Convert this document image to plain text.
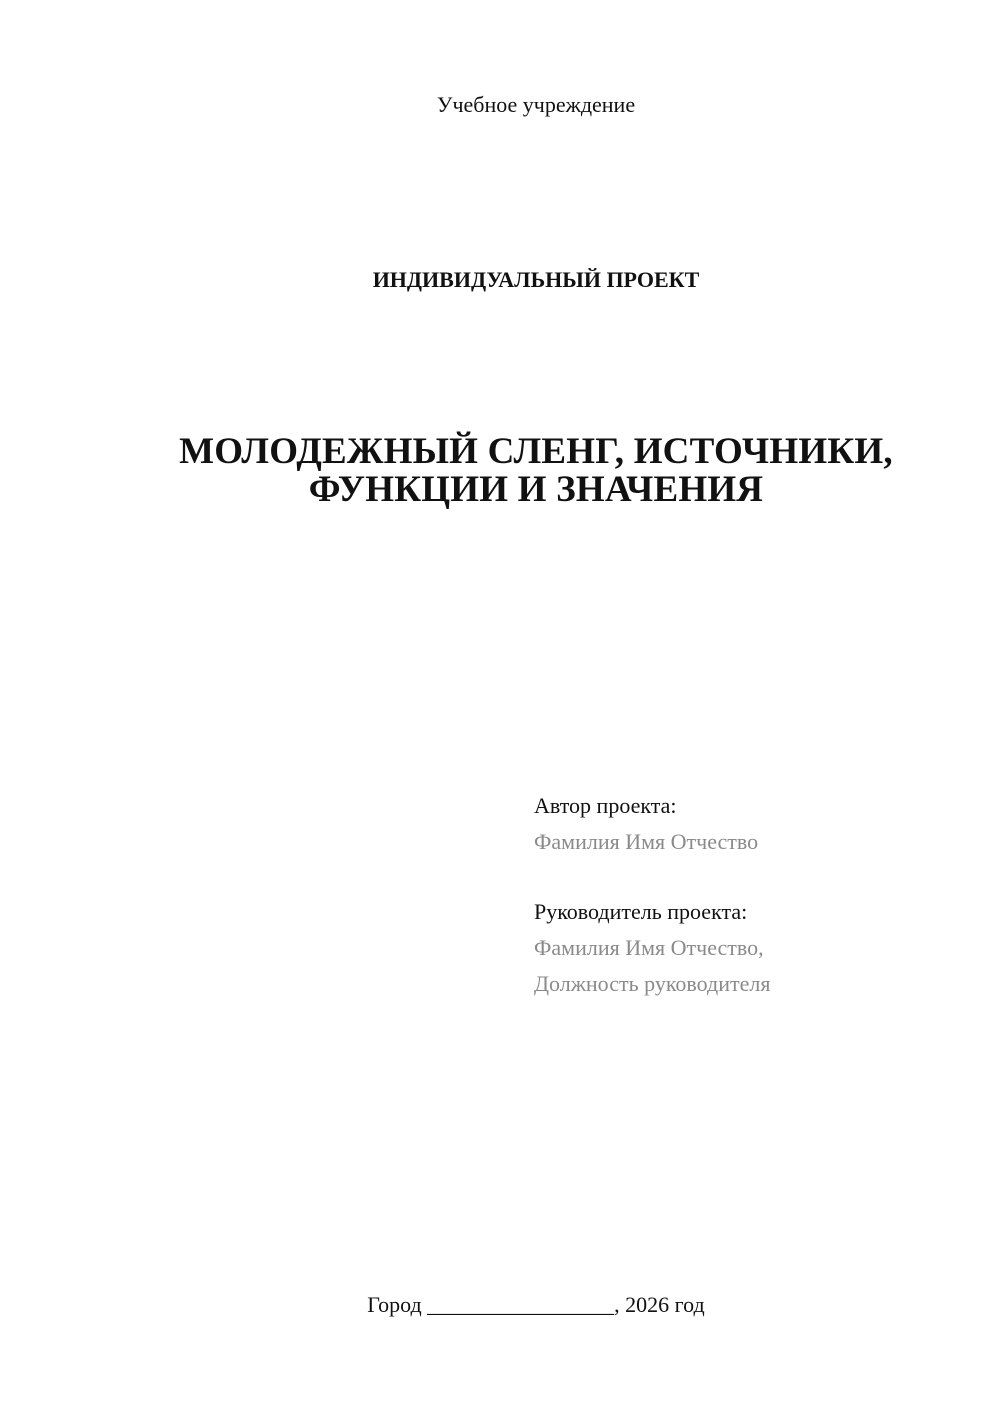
Учебное учреждение
ИНДИВИДУАЛЬНЫЙ ПРОЕКТ
МОЛОДЕЖНЫЙ СЛЕНГ, ИСТОЧНИКИ,
ФУНКЦИИ И ЗНАЧЕНИЯ
Автор проекта:
Фамилия Имя Отчество
Руководитель проекта:
Фамилия Имя Отчество,
Должность руководителя
Город _________________, 2026 год
